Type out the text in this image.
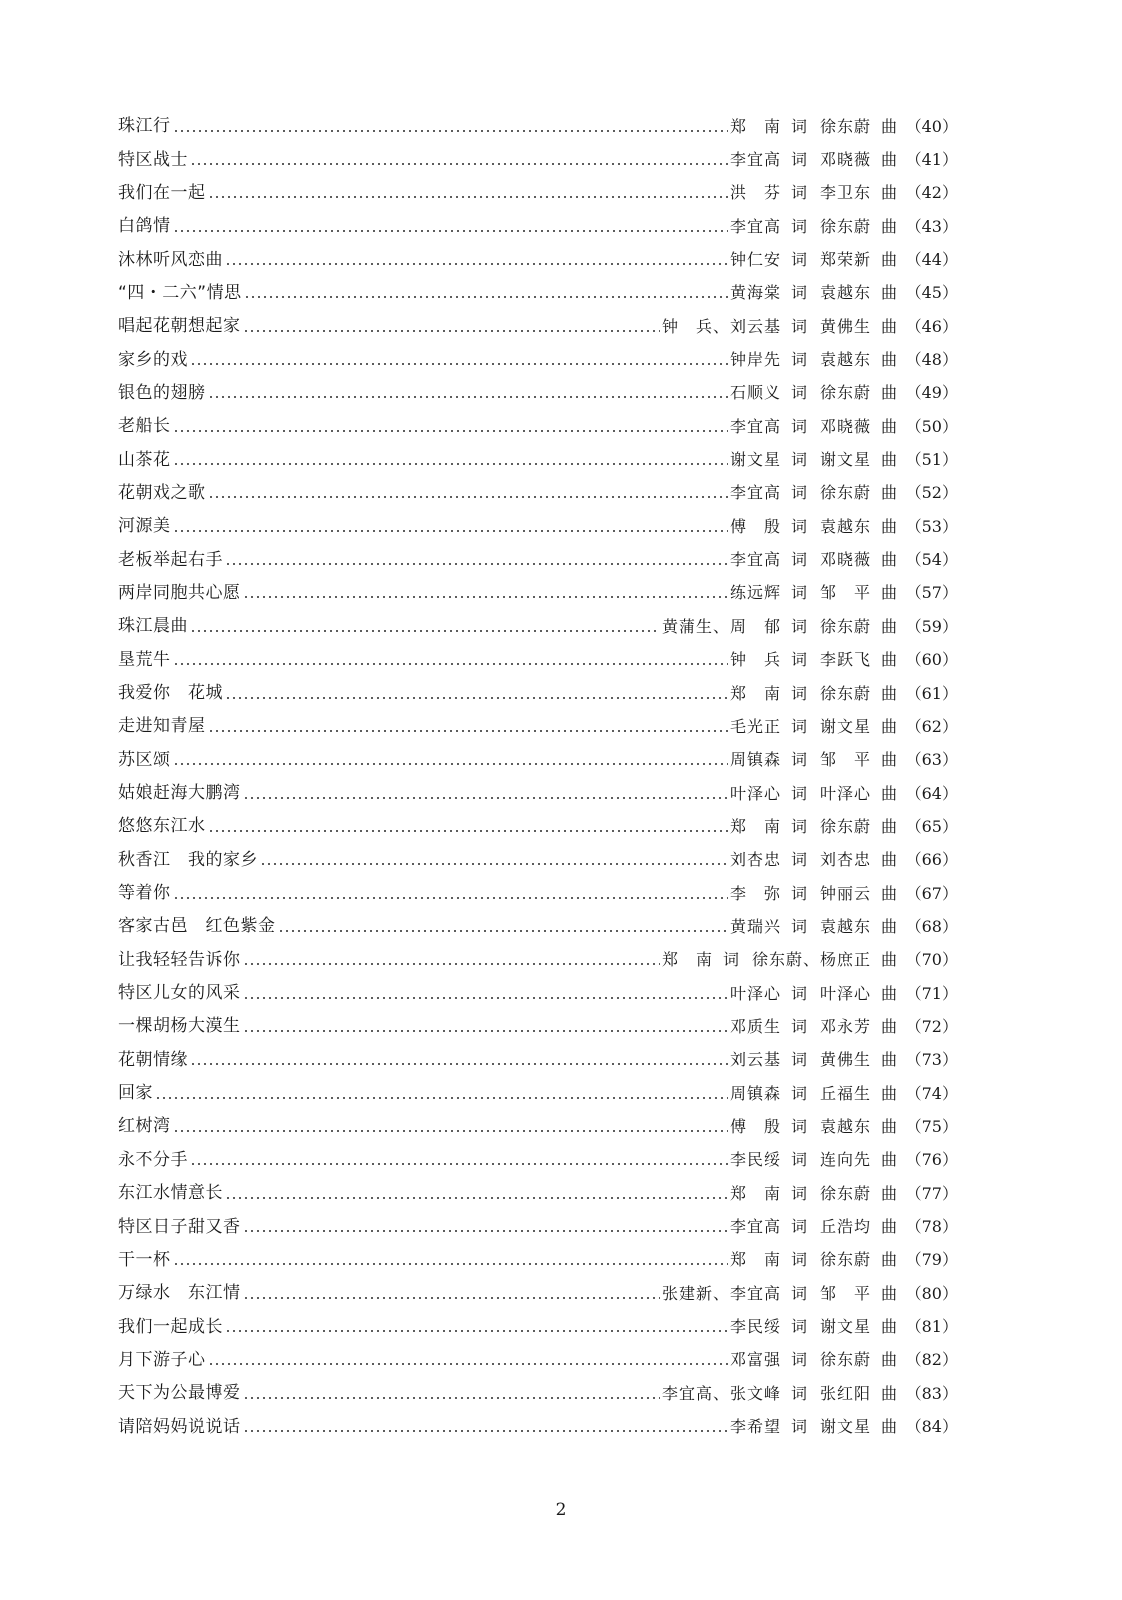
珠江行	郑　南 词 徐东蔚 曲 （40）
特区战士	李宜高 词 邓晓薇 曲 （41）
我们在一起	洪　芬 词 李卫东 曲 （42）
白鸽情	李宜高 词 徐东蔚 曲 （43）
沐林听风恋曲	钟仁安 词 郑荣新 曲 （44）
“四・二六”情思	黄海棠 词 袁越东 曲 （45）
唱起花朝想起家	钟　兵、刘云基 词 黄佛生 曲 （46）
家乡的戏	钟岸先 词 袁越东 曲 （48）
银色的翅膀	石顺义 词 徐东蔚 曲 （49）
老船长	李宜高 词 邓晓薇 曲 （50）
山茶花	谢文星 词 谢文星 曲 （51）
花朝戏之歌	李宜高 词 徐东蔚 曲 （52）
河源美	傅　殷 词 袁越东 曲 （53）
老板举起右手	李宜高 词 邓晓薇 曲 （54）
两岸同胞共心愿	练远辉 词 邹　平 曲 （57）
珠江晨曲	黄蒲生、周　郁 词 徐东蔚 曲 （59）
垦荒牛	钟　兵 词 李跃飞 曲 （60）
我爱你　花城	郑　南 词 徐东蔚 曲 （61）
走进知青屋	毛光正 词 谢文星 曲 （62）
苏区颂	周镇森 词 邹　平 曲 （63）
姑娘赶海大鹏湾	叶泽心 词 叶泽心 曲 （64）
悠悠东江水	郑　南 词 徐东蔚 曲 （65）
秋香江　我的家乡	刘杏忠 词 刘杏忠 曲 （66）
等着你	李　弥 词 钟丽云 曲 （67）
客家古邑　红色紫金	黄瑞兴 词 袁越东 曲 （68）
让我轻轻告诉你	郑　南 词 徐东蔚、杨庶正 曲 （70）
特区儿女的风采	叶泽心 词 叶泽心 曲 （71）
一棵胡杨大漠生	邓质生 词 邓永芳 曲 （72）
花朝情缘	刘云基 词 黄佛生 曲 （73）
回家	周镇森 词 丘福生 曲 （74）
红树湾	傅　殷 词 袁越东 曲 （75）
永不分手	李民绥 词 连向先 曲 （76）
东江水情意长	郑　南 词 徐东蔚 曲 （77）
特区日子甜又香	李宜高 词 丘浩均 曲 （78）
干一杯	郑　南 词 徐东蔚 曲 （79）
万绿水　东江情	张建新、李宜高 词 邹　平 曲 （80）
我们一起成长	李民绥 词 谢文星 曲 （81）
月下游子心	邓富强 词 徐东蔚 曲 （82）
天下为公最博爱	李宜高、张文峰 词 张红阳 曲 （83）
请陪妈妈说说话	李希望 词 谢文星 曲 （84）
2
